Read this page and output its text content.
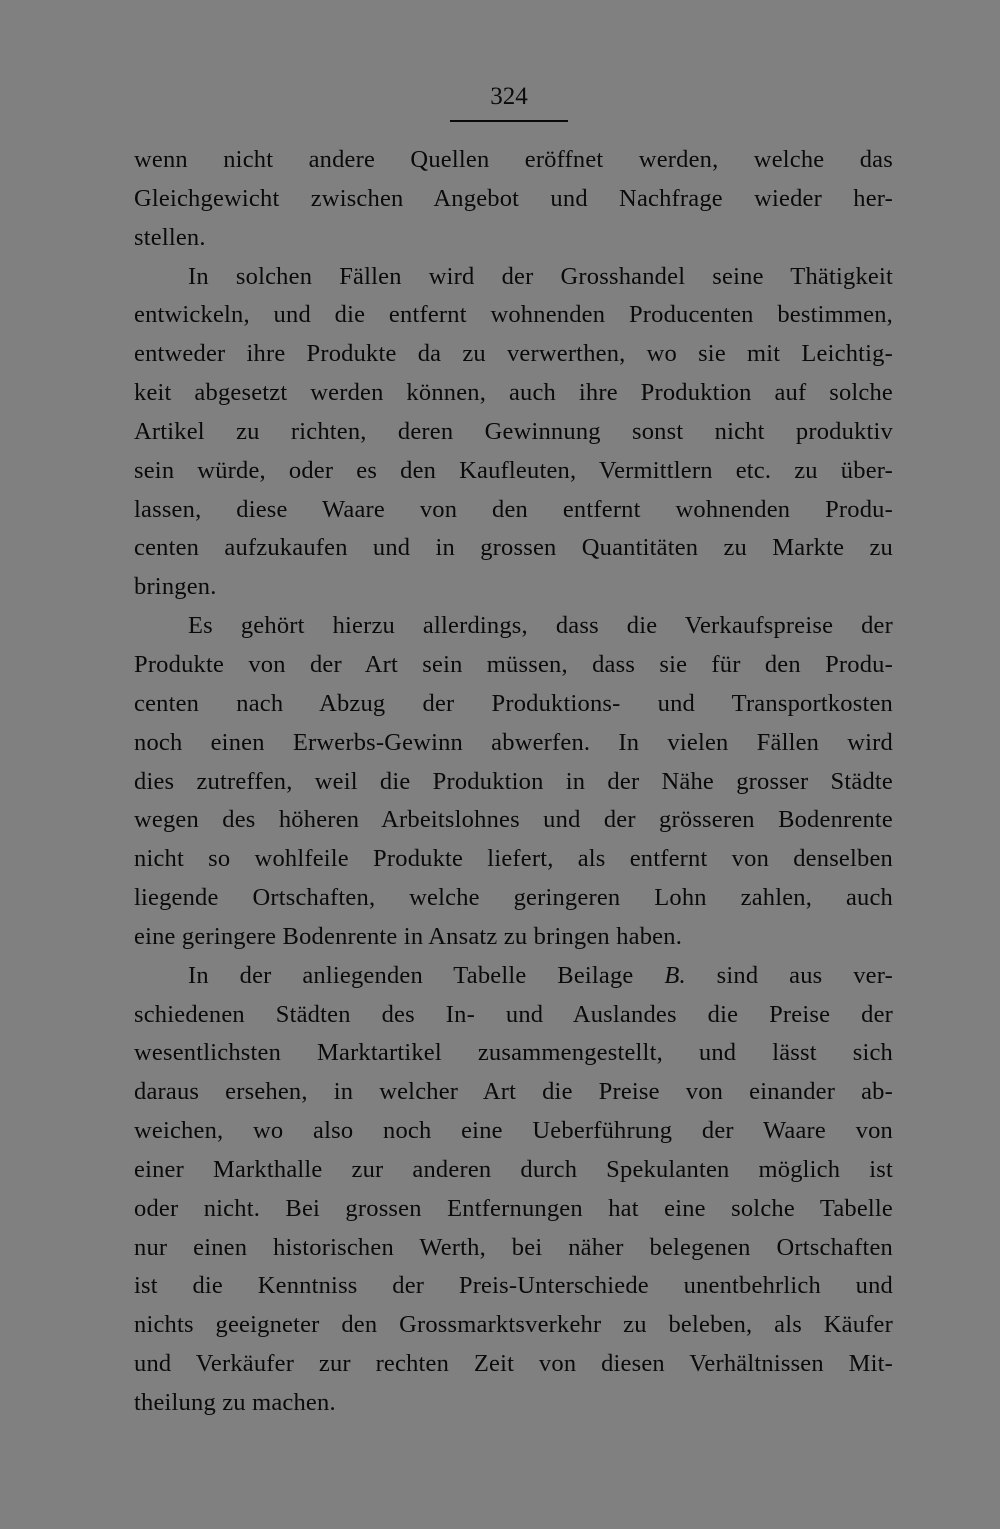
324
wenn nicht andere Quellen eröffnet werden, welche das
Gleichgewicht zwischen Angebot und Nachfrage wieder her-
stellen.
In solchen Fällen wird der Grosshandel seine Thätigkeit
entwickeln, und die entfernt wohnenden Producenten bestimmen,
entweder ihre Produkte da zu verwerthen, wo sie mit Leichtig-
keit abgesetzt werden können, auch ihre Produktion auf solche
Artikel zu richten, deren Gewinnung sonst nicht produktiv
sein würde, oder es den Kaufleuten, Vermittlern etc. zu über-
lassen, diese Waare von den entfernt wohnenden Produ-
centen aufzukaufen und in grossen Quantitäten zu Markte zu
bringen.
Es gehört hierzu allerdings, dass die Verkaufspreise der
Produkte von der Art sein müssen, dass sie für den Produ-
centen nach Abzug der Produktions- und Transportkosten
noch einen Erwerbs-Gewinn abwerfen. In vielen Fällen wird
dies zutreffen, weil die Produktion in der Nähe grosser Städte
wegen des höheren Arbeitslohnes und der grösseren Bodenrente
nicht so wohlfeile Produkte liefert, als entfernt von denselben
liegende Ortschaften, welche geringeren Lohn zahlen, auch
eine geringere Bodenrente in Ansatz zu bringen haben.
In der anliegenden Tabelle Beilage B. sind aus ver-
schiedenen Städten des In- und Auslandes die Preise der
wesentlichsten Marktartikel zusammengestellt, und lässt sich
daraus ersehen, in welcher Art die Preise von einander ab-
weichen, wo also noch eine Ueberführung der Waare von
einer Markthalle zur anderen durch Spekulanten möglich ist
oder nicht. Bei grossen Entfernungen hat eine solche Tabelle
nur einen historischen Werth, bei näher belegenen Ortschaften
ist die Kenntniss der Preis-Unterschiede unentbehrlich und
nichts geeigneter den Grossmarktsverkehr zu beleben, als Käufer
und Verkäufer zur rechten Zeit von diesen Verhältnissen Mit-
theilung zu machen.
